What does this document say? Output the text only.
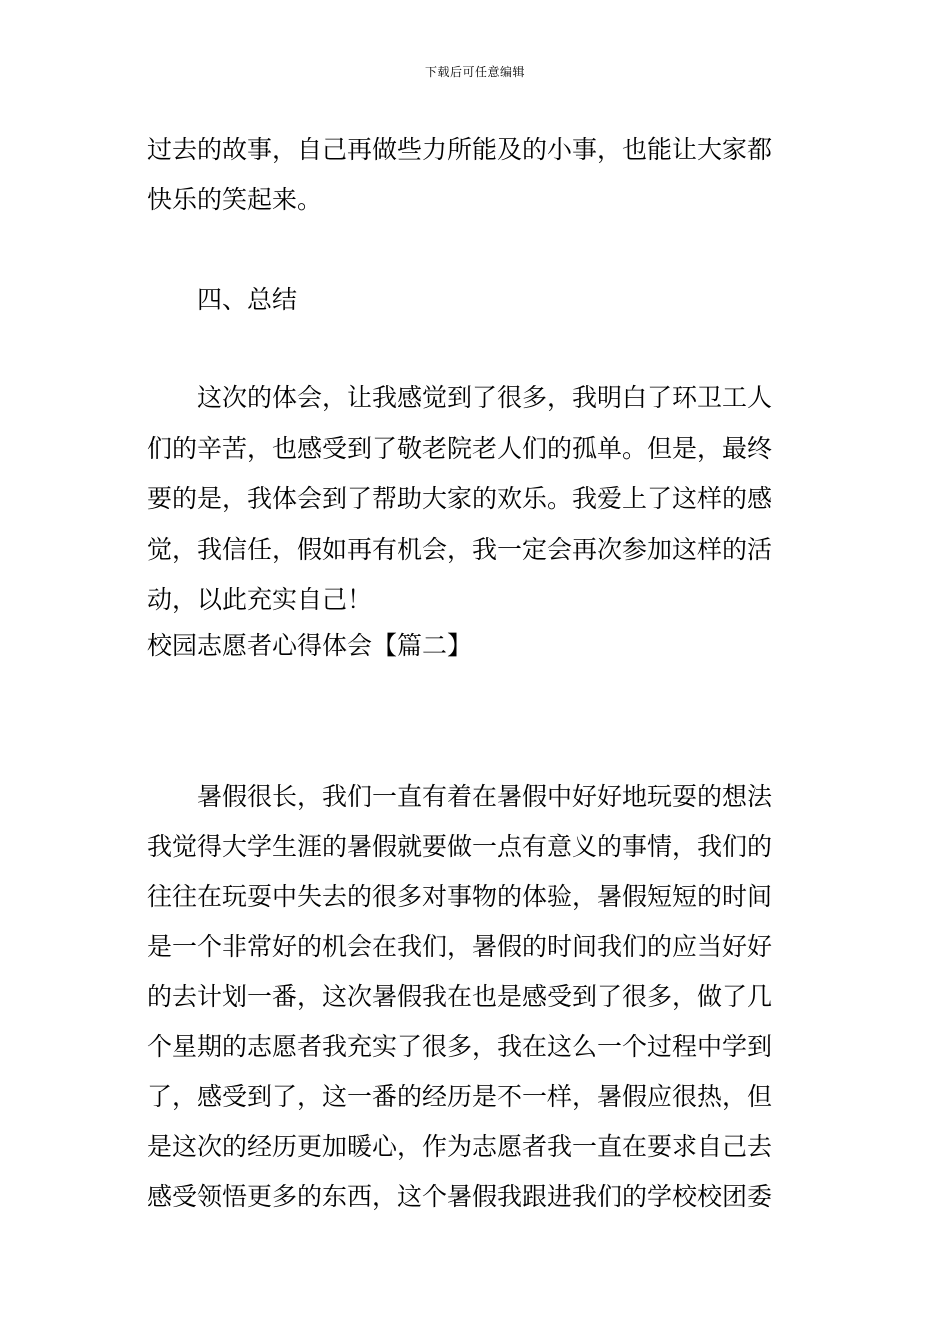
下载后可任意编辑
过去的故事，自己再做些力所能及的小事，也能让大家都
快乐的笑起来。
四、总结
这次的体会，让我感觉到了很多，我明白了环卫工人
们的辛苦，也感受到了敬老院老人们的孤单。但是，最终
要的是，我体会到了帮助大家的欢乐。我爱上了这样的感
觉，我信任，假如再有机会，我一定会再次参加这样的活
动，以此充实自己！
校园志愿者心得体会【篇二】
暑假很长，我们一直有着在暑假中好好地玩耍的想法
我觉得大学生涯的暑假就要做一点有意义的事情，我们的
往往在玩耍中失去的很多对事物的体验，暑假短短的时间
是一个非常好的机会在我们，暑假的时间我们的应当好好
的去计划一番，这次暑假我在也是感受到了很多，做了几
个星期的志愿者我充实了很多，我在这么一个过程中学到
了，感受到了，这一番的经历是不一样，暑假应很热，但
是这次的经历更加暖心，作为志愿者我一直在要求自己去
感受领悟更多的东西，这个暑假我跟进我们的学校校团委
